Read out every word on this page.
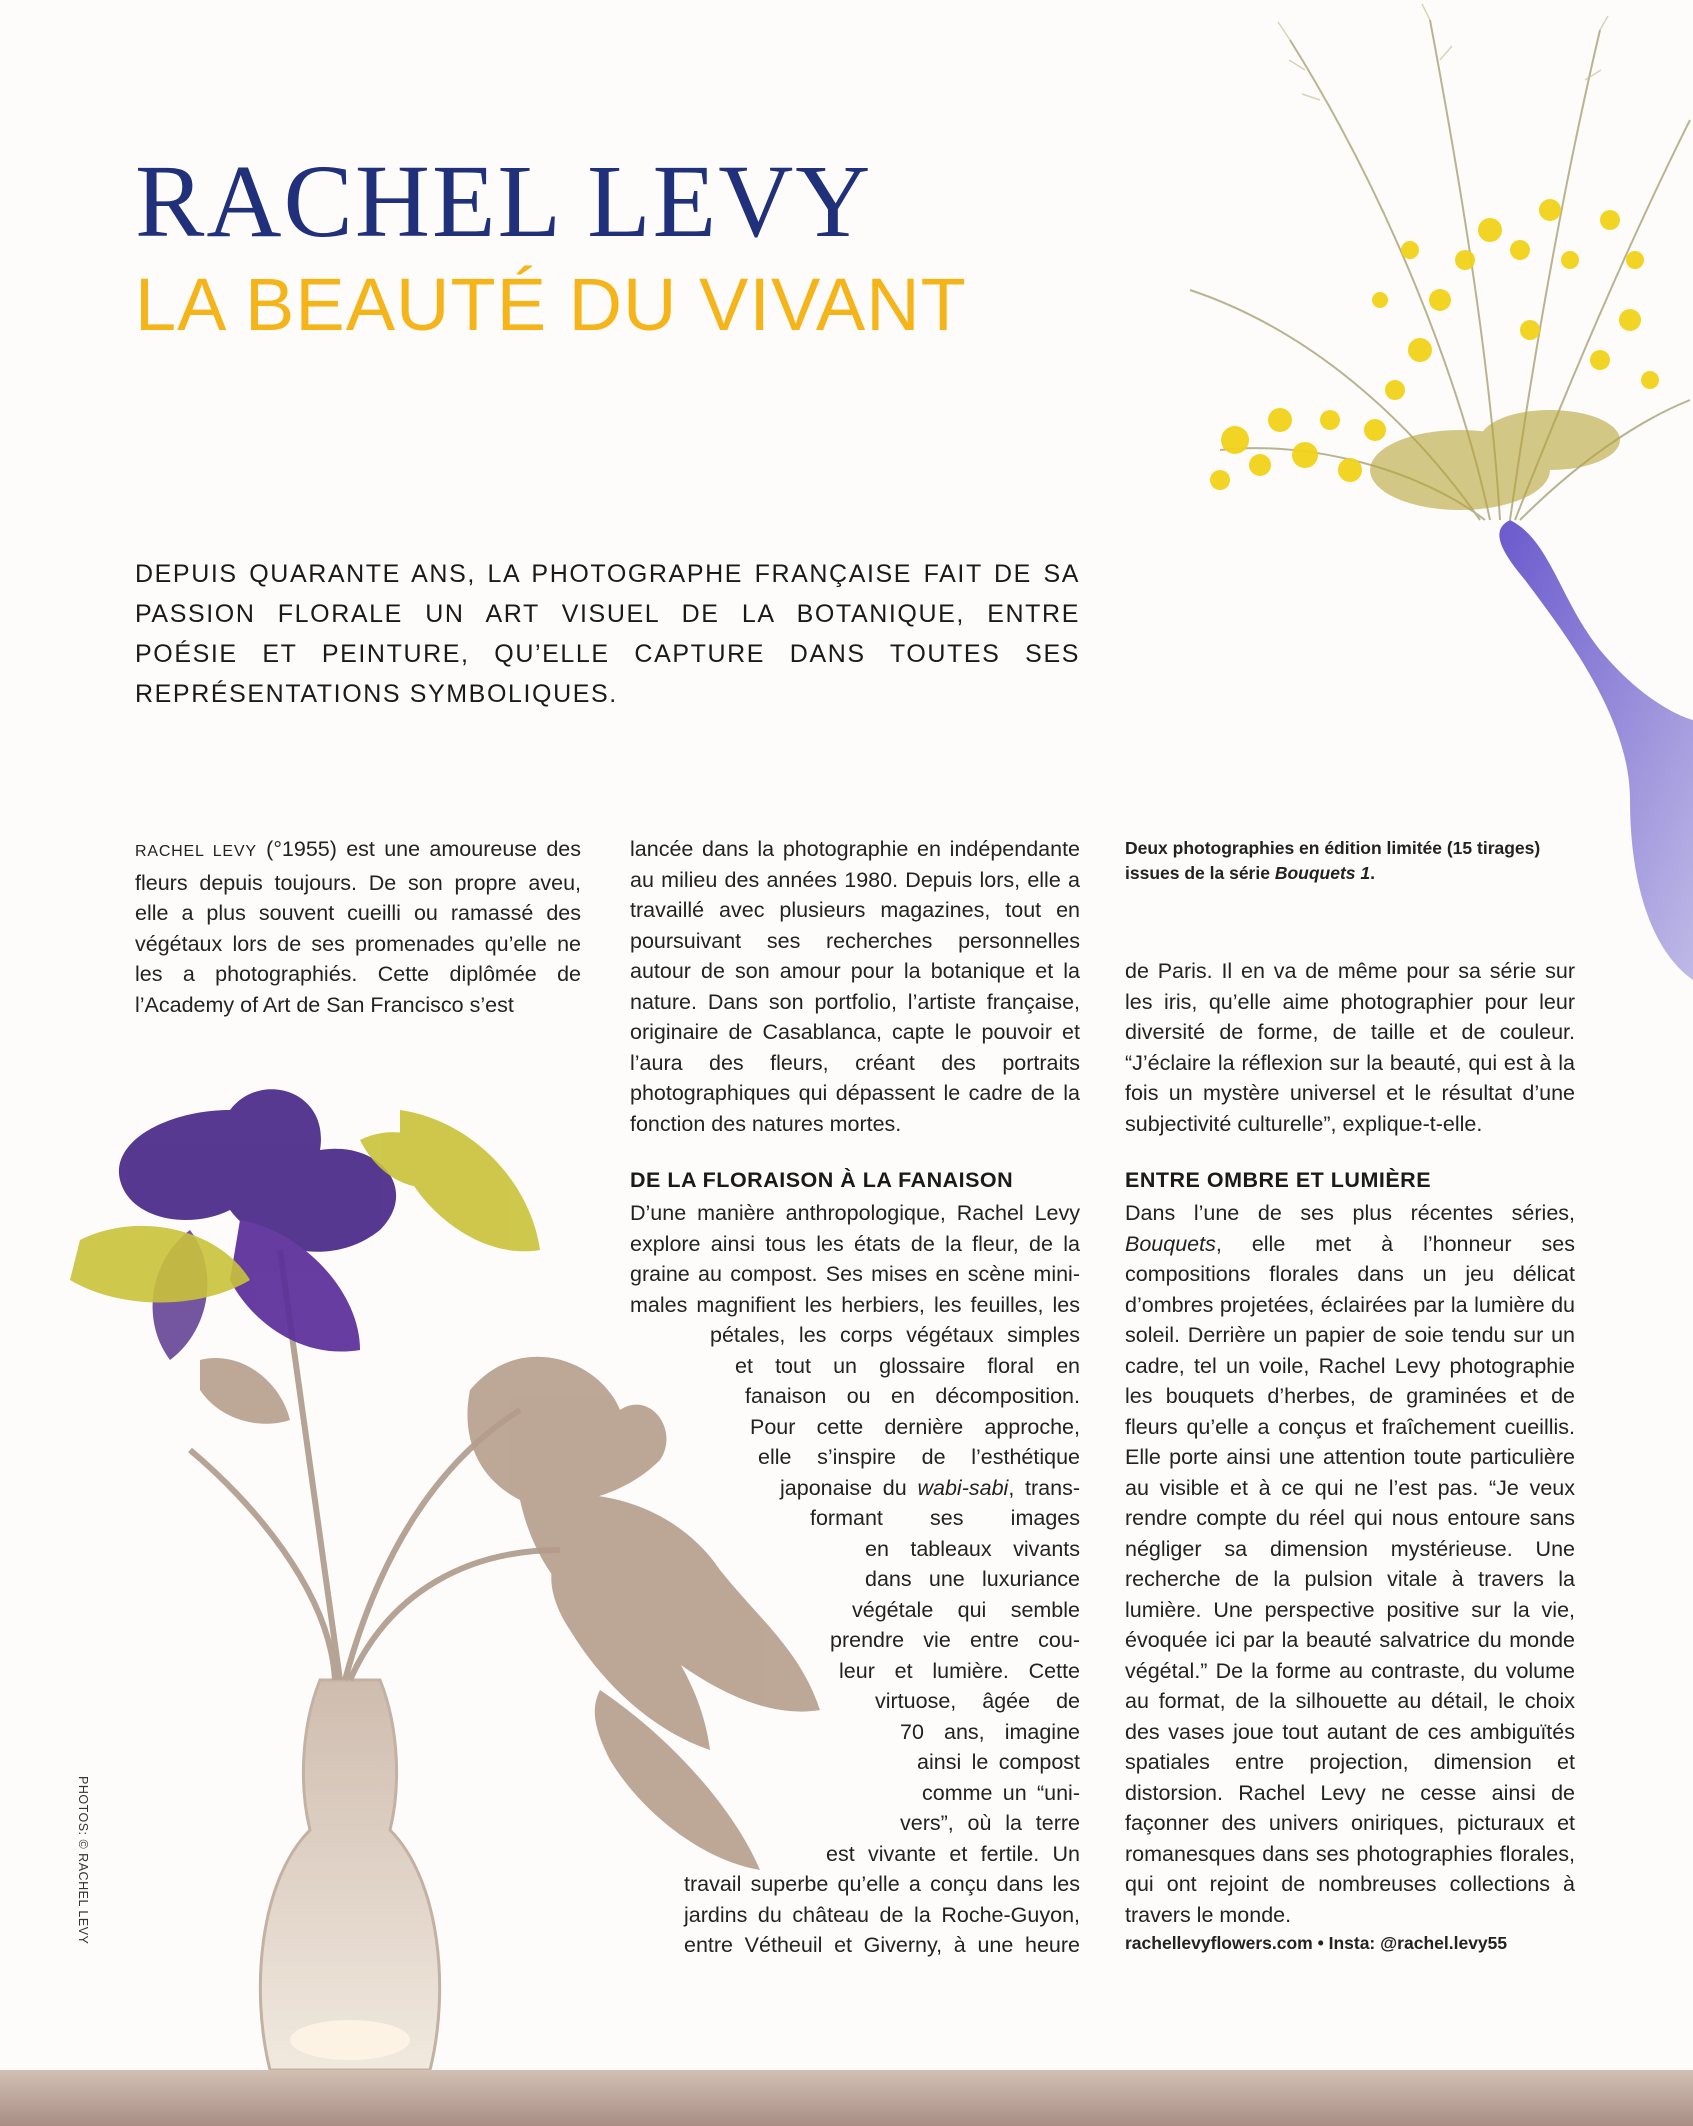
RACHEL LEVY
LA BEAUTÉ DU VIVANT

DEPUIS QUARANTE ANS, LA PHOTOGRAPHE FRANÇAISE FAIT DE SA PASSION FLORALE UN ART VISUEL DE LA BOTANIQUE, ENTRE POÉSIE ET PEINTURE, QU’ELLE CAPTURE DANS TOUTES SES REPRÉSENTATIONS SYMBOLIQUES.

RACHEL LEVY (°1955) est une amoureuse des fleurs depuis toujours. De son propre aveu, elle a plus souvent cueilli ou ramassé des végétaux lors de ses promenades qu’elle ne les a photographiés. Cette diplômée de l’Academy of Art de San Francisco s’est

lancée dans la photographie en indépendante au milieu des années 1980. Depuis lors, elle a travaillé avec plusieurs magazines, tout en poursuivant ses recherches personnelles autour de son amour pour la botanique et la nature. Dans son portfolio, l’artiste française, originaire de Casablanca, capte le pouvoir et l’aura des fleurs, créant des portraits photographiques qui dépassent le cadre de la fonction des natures mortes.

DE LA FLORAISON À LA FANAISON

D’une manière anthropologique, Rachel Levy
explore ainsi tous les états de la fleur, de la
graine au compost. Ses mises en scène mini-
males magnifient les herbiers, les feuilles, les
pétales, les corps végétaux simples
et tout un glossaire floral en
fanaison ou en décomposition.
Pour cette dernière approche,
elle s’inspire de l’esthétique
japonaise du wabi-sabi, trans-
formant ses images
en tableaux vivants
dans une luxuriance
végétale qui semble
prendre vie entre cou-
leur et lumière. Cette
virtuose, âgée de
70 ans, imagine
ainsi le compost
comme un “uni-
vers”, où la terre
est vivante et fertile. Un
travail superbe qu’elle a conçu dans les
jardins du château de la Roche-Guyon,
entre Vétheuil et Giverny, à une heure

Deux photographies en édition limitée (15 tirages) issues de la série Bouquets 1.

de Paris. Il en va de même pour sa série sur les iris, qu’elle aime photographier pour leur diversité de forme, de taille et de couleur. “J’éclaire la réflexion sur la beauté, qui est à la fois un mystère universel et le résultat d’une subjectivité culturelle”, explique-t-elle.

ENTRE OMBRE ET LUMIÈRE

Dans l’une de ses plus récentes séries, Bouquets, elle met à l’honneur ses compositions florales dans un jeu délicat d’ombres projetées, éclairées par la lumière du soleil. Derrière un papier de soie tendu sur un cadre, tel un voile, Rachel Levy photographie les bouquets d’herbes, de graminées et de fleurs qu’elle a conçus et fraîchement cueillis. Elle porte ainsi une attention toute particulière au visible et à ce qui ne l’est pas. “Je veux rendre compte du réel qui nous entoure sans négliger sa dimension mystérieuse. Une recherche de la pulsion vitale à travers la lumière. Une perspective positive sur la vie, évoquée ici par la beauté salvatrice du monde végétal.” De la forme au contraste, du volume au format, de la silhouette au détail, le choix des vases joue tout autant de ces ambiguïtés spatiales entre projection, dimension et distorsion. Rachel Levy ne cesse ainsi de façonner des univers oniriques, picturaux et romanesques dans ses photographies florales, qui ont rejoint de nombreuses collections à travers le monde.

rachellevyflowers.com • Insta: @rachel.levy55

PHOTOS: © RACHEL LEVY
